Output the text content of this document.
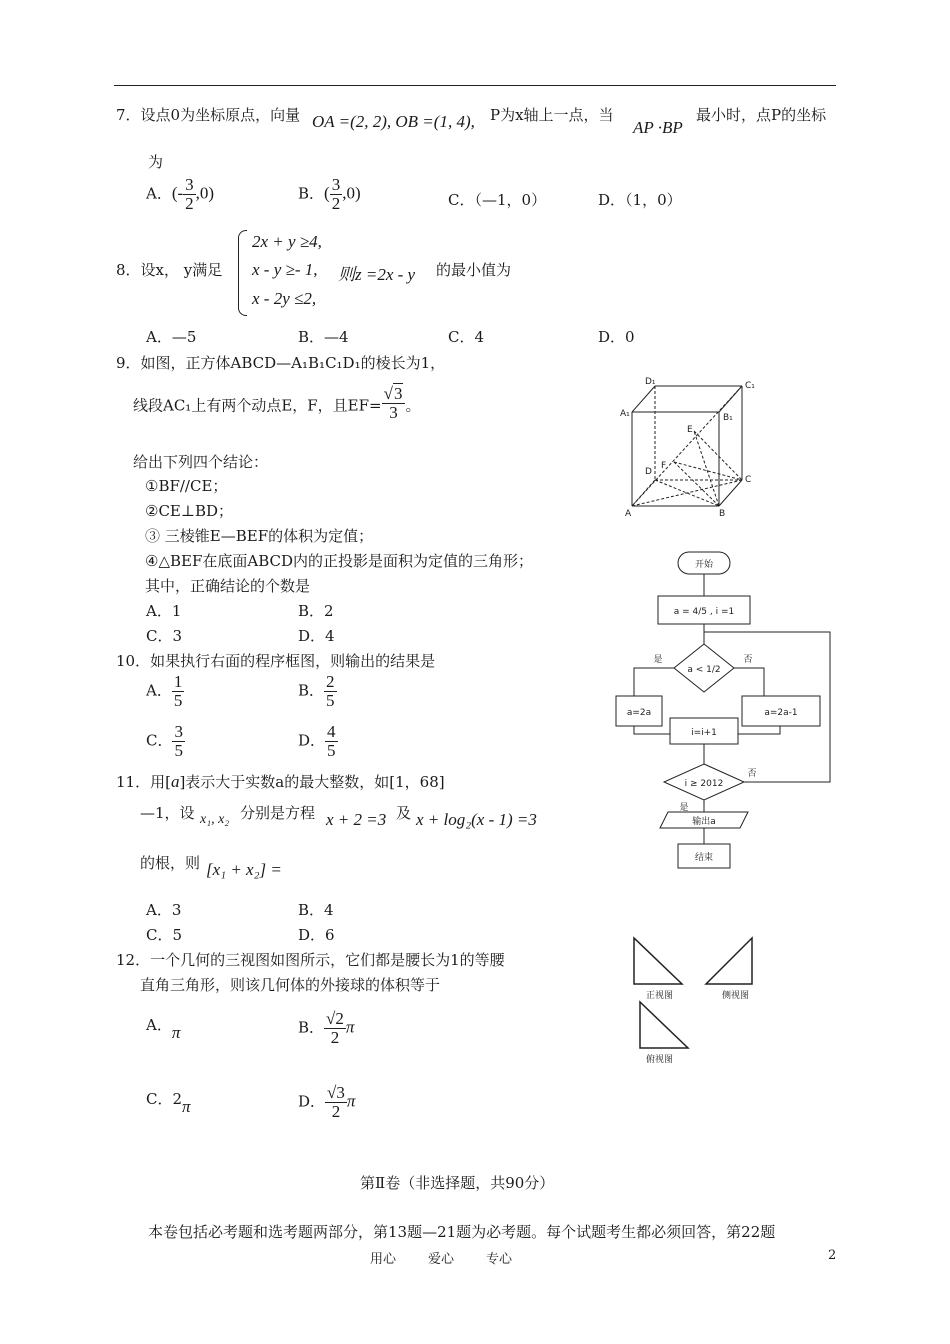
7．设点0为坐标原点，向量 OA =(2, 2), OB =(1, 4), P为x轴上一点，当
AP ·BP
最小时，点P的坐标
为
A．(- $\frac{3}{2} ,0$)	B．( $\frac{3}{2} ,0$)	C．（—1，0）	D．（1，0）
8．设x， y满足
2x + y ≥4,
x - y ≥- 1, 则z =2x - y 的最小值为
x - 2y ≤2,
A．—5	B．—4	C．4	D．0
9．如图，正方体ABCD—A₁B₁C₁D₁的棱长为1，
线段AC₁上有两个动点E，F，且$EF= \frac{√3}{3}$ 。
给出下列四个结论：
①BF//CE；
②CE⊥BD；
③ 三棱锥E—BEF的体积为定值；
④△BEF在底面ABCD内的正投影是面积为定值的三角形；
其中，正确结论的个数是
A．1	B．2
C．3	D．4
D₁	C₁
A₁	B₁
E
F
D
C
A	B
开始
a = 4/5 , i =1
a < 1/2
是	否
a=2a	a=2a-1
i=i+1
i ≥ 2012
否
是
输出a
结束
10．如果执行右面的程序框图，则输出的结果是
A． $\frac{1}{5}$	B． $\frac{2}{5}$
C． $\frac{3}{5}$	D． $\frac{4}{5}$
11．用[a]表示大于实数a的最大整数，如[1，68]
—1，设 x₁, x₂ 分别是方程 x + 2 =3 及 x + log₂(x - 1) =3
的根，则 [x₁ + x₂] =
A．3	B．4
C．5	D．6
正视图	侧视图
俯视图
12．一个几何的三视图如图所示，它们都是腰长为1的等腰
直角三角形，则该几何体的外接球的体积等于
A．π	B． $\frac{√2}{2}$ π
C．2π	D． $\frac{√3}{2}$ π
第Ⅱ卷（非选择题，共90分）
本卷包括必考题和选考题两部分，第13题—21题为必考题。每个试题考生都必须回答，第22题
用心 爱心 专心	2
